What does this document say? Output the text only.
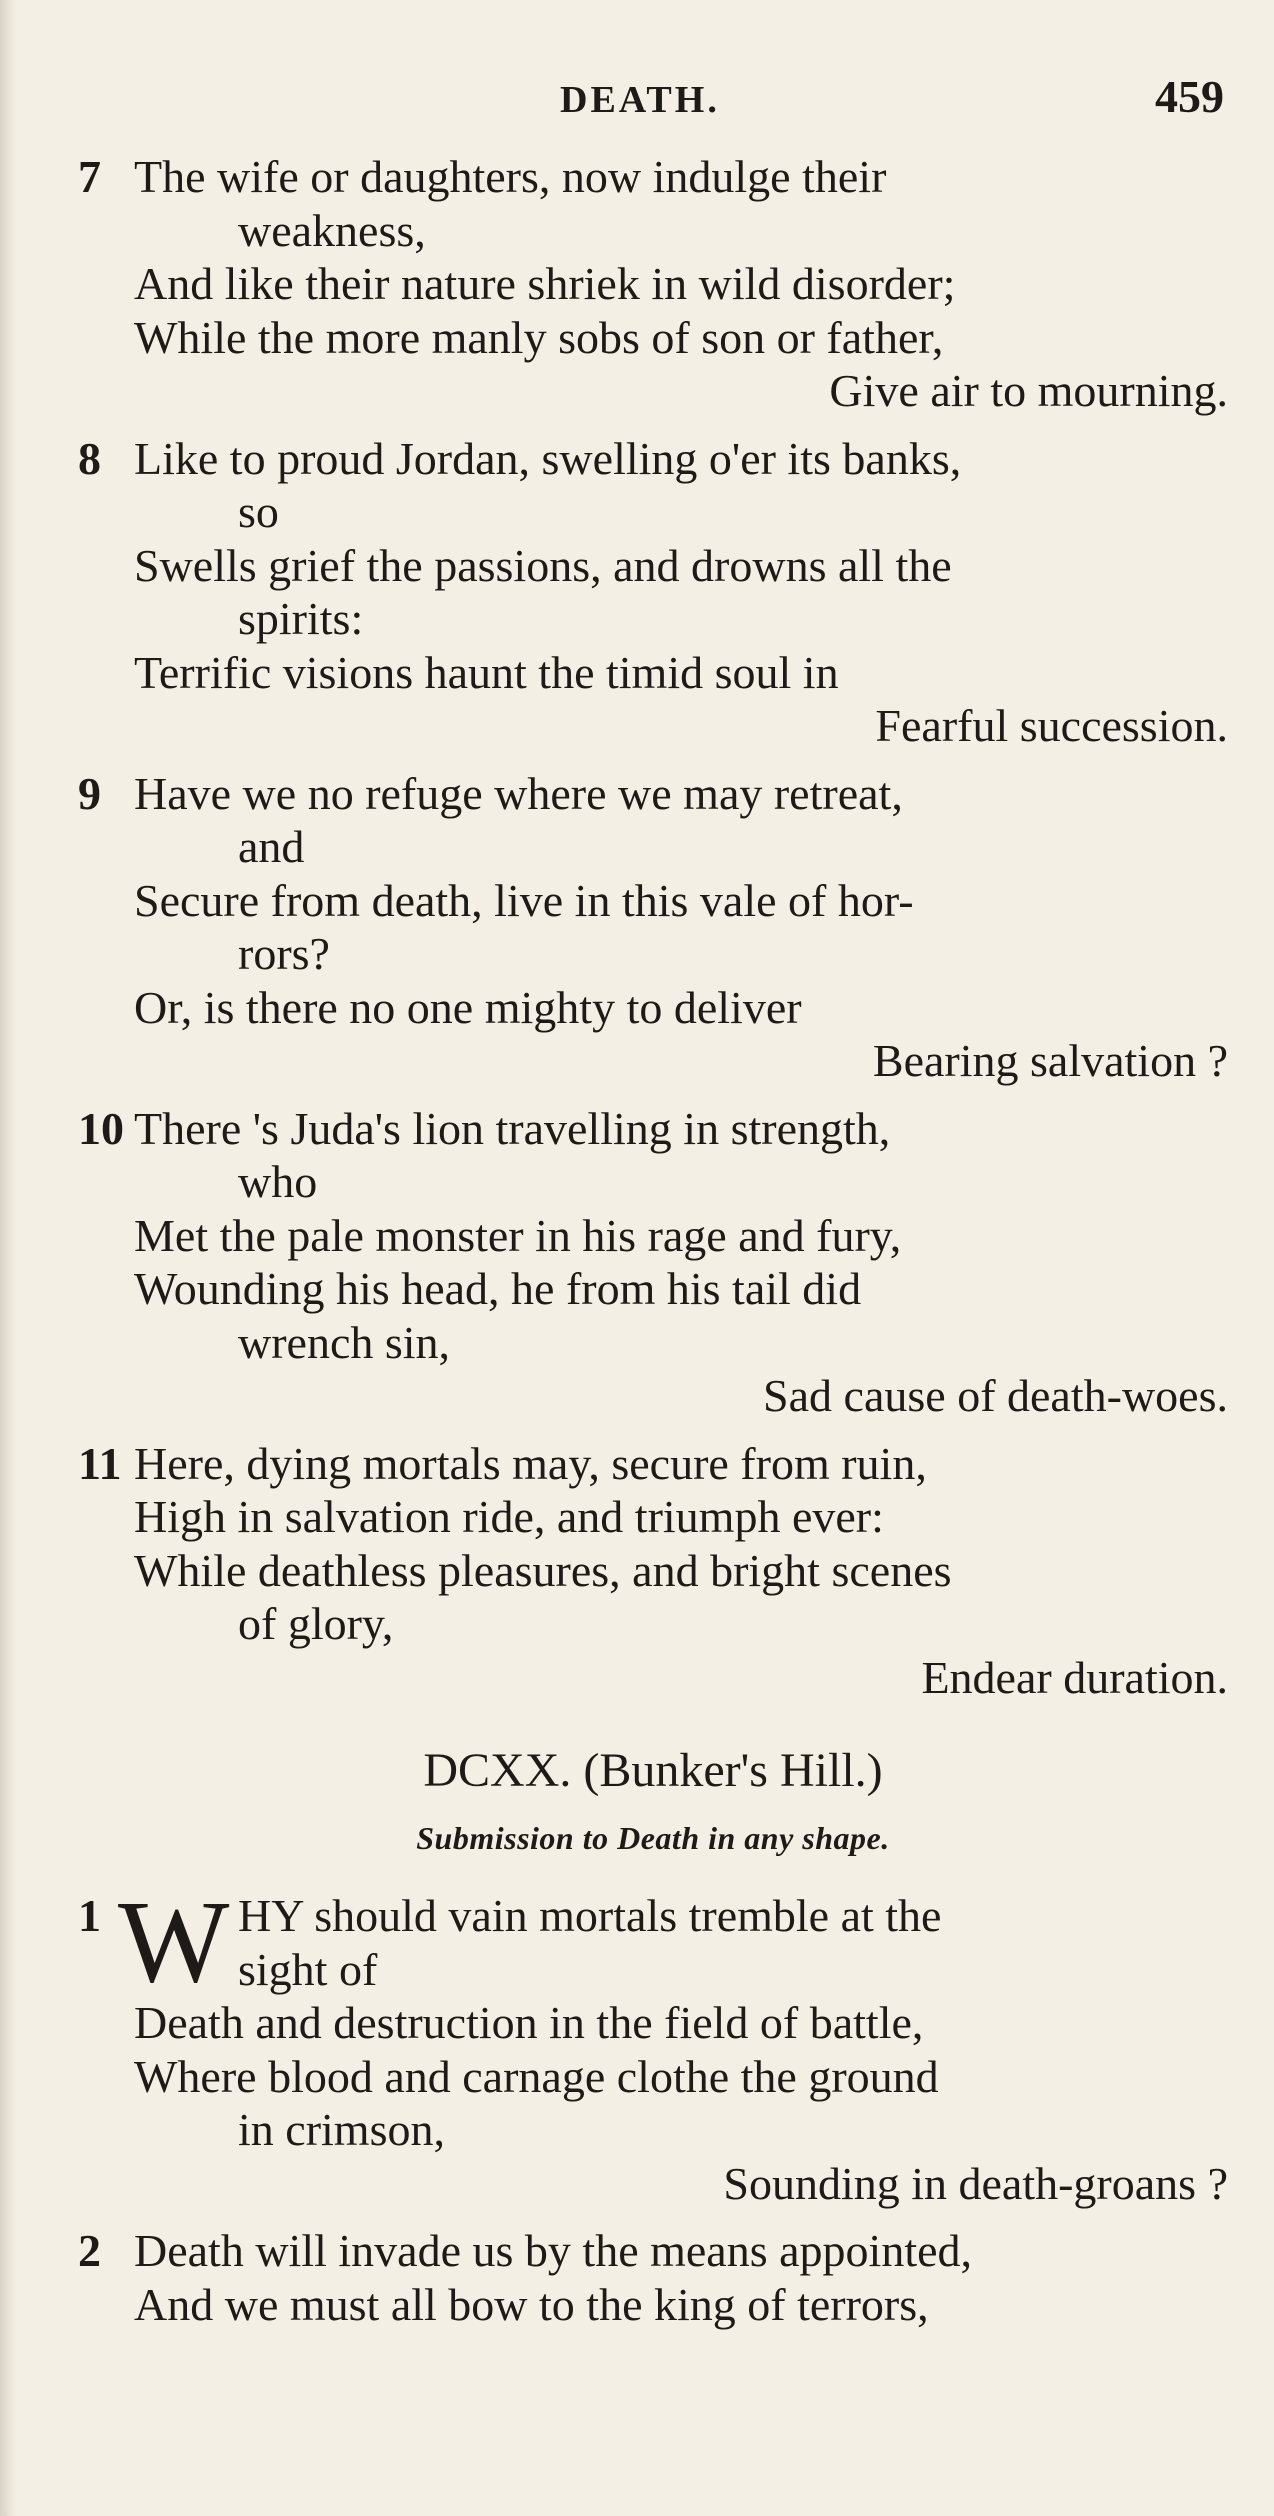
DEATH.	459
7 The wife or daughters, now indulge their
weakness,
And like their nature shriek in wild disorder;
While the more manly sobs of son or father,
Give air to mourning.
8 Like to proud Jordan, swelling o'er its banks,
so
Swells grief the passions, and drowns all the
spirits:
Terrific visions haunt the timid soul in
Fearful succession.
9 Have we no refuge where we may retreat,
and
Secure from death, live in this vale of hor-
rors?
Or, is there no one mighty to deliver
Bearing salvation ?
10 There 's Juda's lion travelling in strength,
who
Met the pale monster in his rage and fury,
Wounding his head, he from his tail did
wrench sin,
Sad cause of death-woes.
11 Here, dying mortals may, secure from ruin,
High in salvation ride, and triumph ever:
While deathless pleasures, and bright scenes
of glory,
Endear duration.
DCXX. (Bunker's Hill.)
Submission to Death in any shape.
1 W HY should vain mortals tremble at the
sight of
Death and destruction in the field of battle,
Where blood and carnage clothe the ground
in crimson,
Sounding in death-groans ?
2 Death will invade us by the means appointed,
And we must all bow to the king of terrors,
